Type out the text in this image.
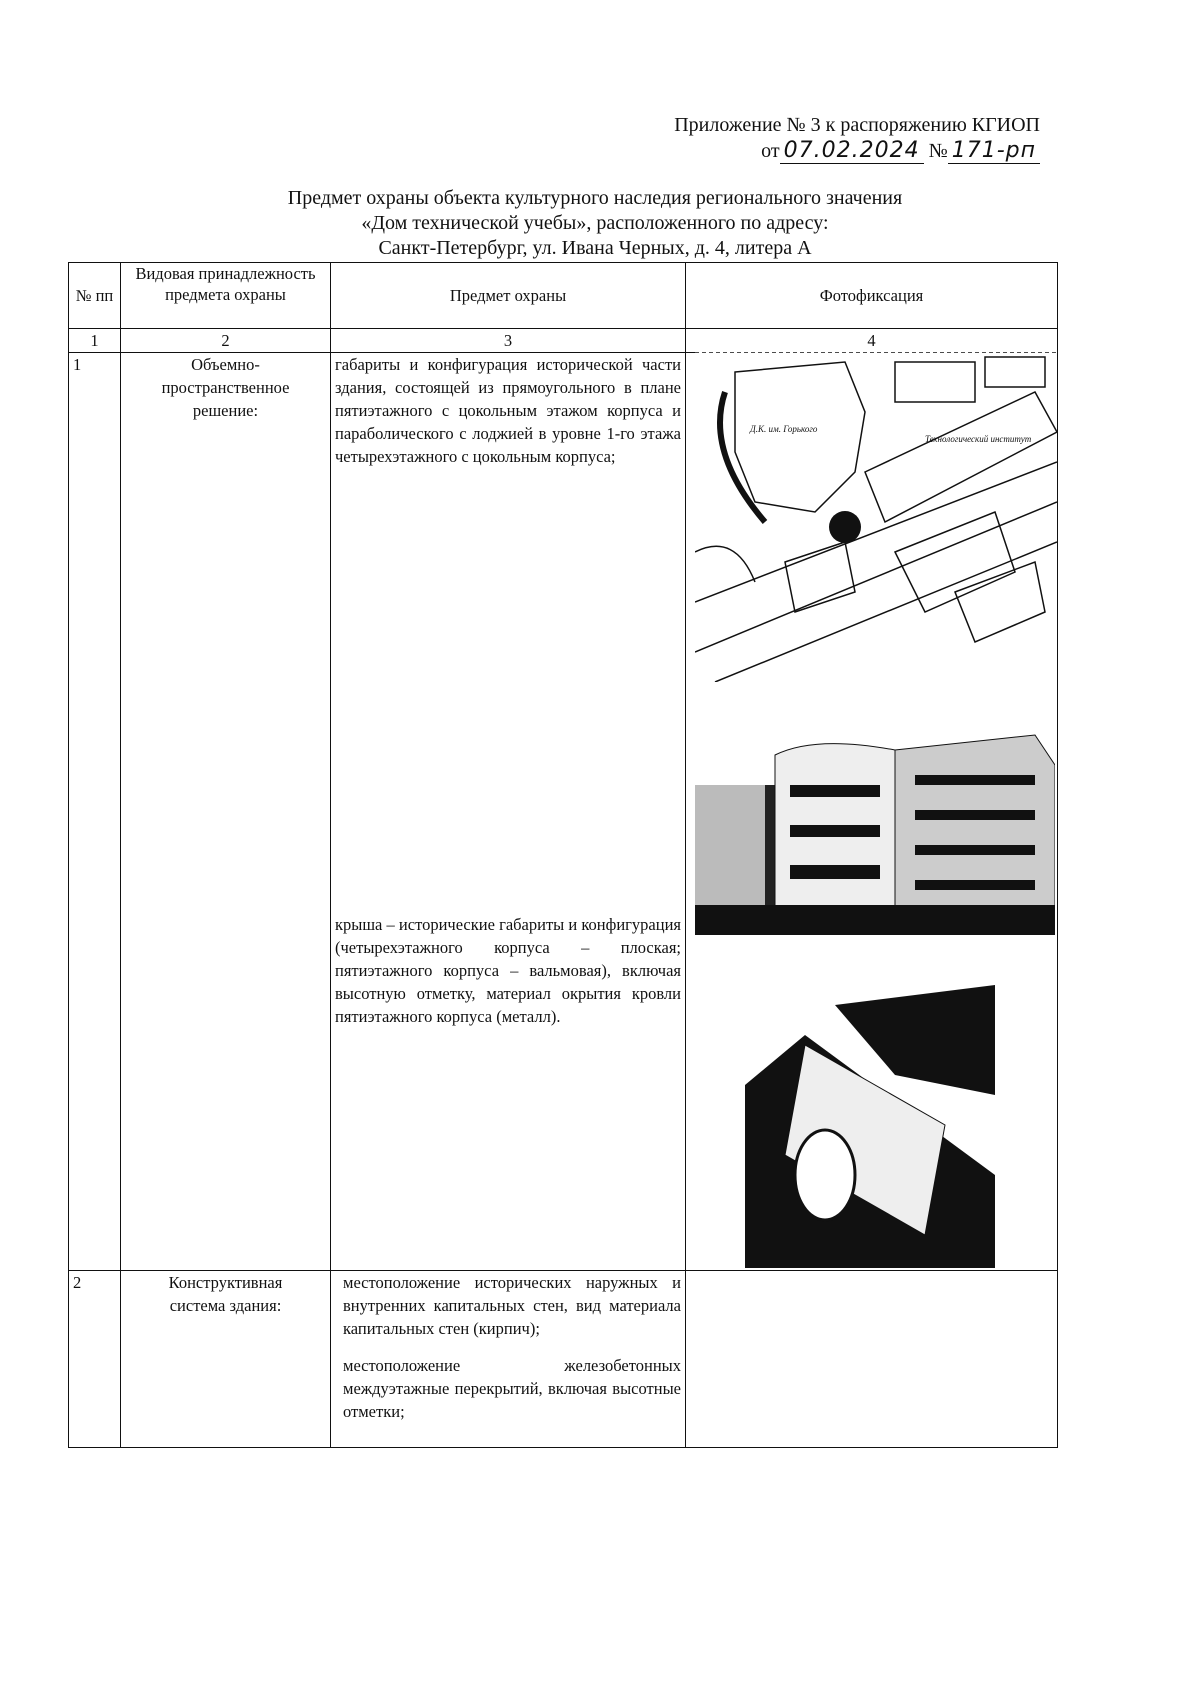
Приложение № 3 к распоряжению КГИОП
от 07.02.2024 № 171-рп
Предмет охраны объекта культурного наследия регионального значения
«Дом технической учебы», расположенного по адресу:
Санкт-Петербург, ул. Ивана Черных, д. 4, литера А
№ пп	Видовая принадлежность предмета охраны	Предмет охраны	Фотофиксация
1	2	3	4
1	Объемно-пространственное решение:	габариты и конфигурация исторической части здания, состоящей из прямоугольного в плане пятиэтажного с цокольным этажом корпуса и параболического с лоджией в уровне 1-го этажа четырехэтажного с цокольным корпуса;
крыша – исторические габариты и конфигурация (четырехэтажного корпуса – плоская; пятиэтажного корпуса – вальмовая), включая высотную отметку, материал окрытия кровли пятиэтажного корпуса (металл).	

2	Конструктивная система здания:	местоположение исторических наружных и внутренних капитальных стен, вид материала капитальных стен (кирпич);
местоположение железобетонных междуэтажные перекрытий, включая высотные отметки;	

Д.К. им. Горького
Технологический институт
